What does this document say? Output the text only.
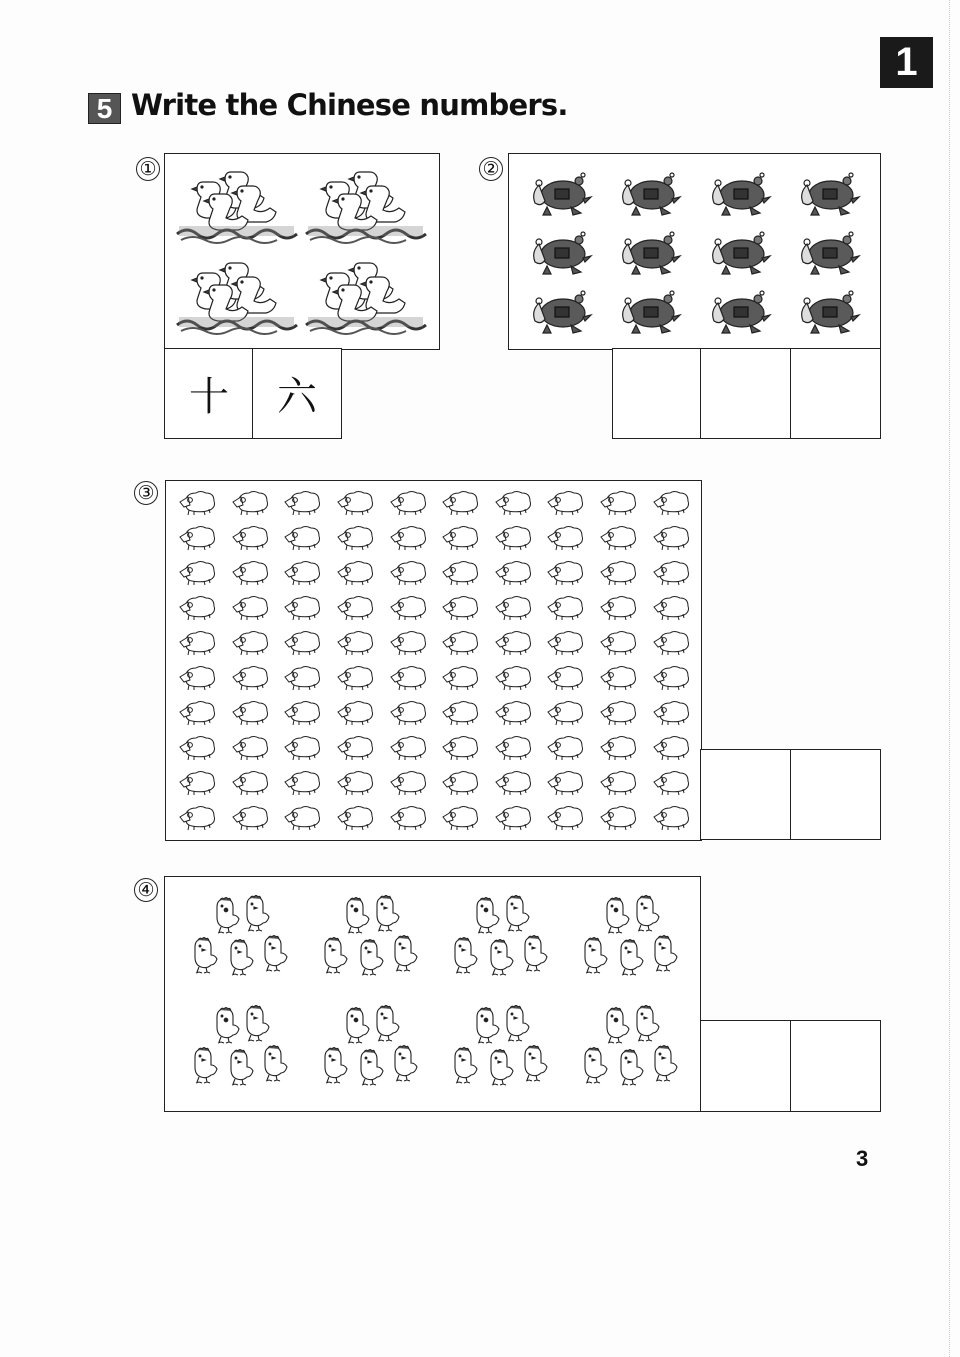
1
5 Write the Chinese numbers.
①
十	六
②
③
④
3
